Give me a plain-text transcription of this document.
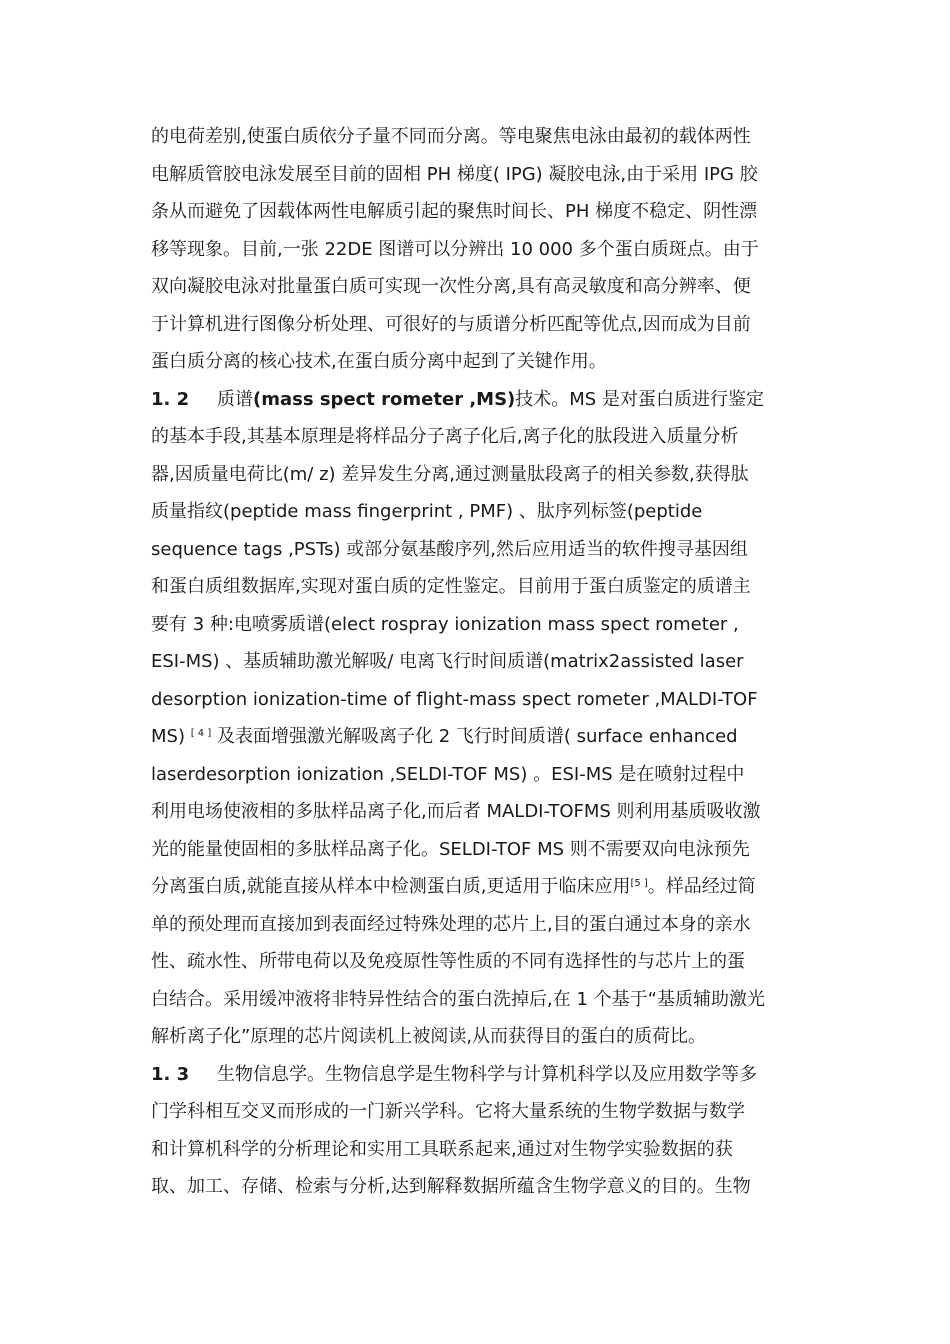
的电荷差别,使蛋白质依分子量不同而分离。等电聚焦电泳由最初的载体两性
电解质管胶电泳发展至目前的固相 PH 梯度( IPG) 凝胶电泳,由于采用 IPG 胶
条从而避免了因载体两性电解质引起的聚焦时间长、PH 梯度不稳定、阴性漂
移等现象。目前,一张 22DE 图谱可以分辨出 10 000 多个蛋白质斑点。由于
双向凝胶电泳对批量蛋白质可实现一次性分离,具有高灵敏度和高分辨率、便
于计算机进行图像分析处理、可很好的与质谱分析匹配等优点,因而成为目前
蛋白质分离的核心技术,在蛋白质分离中起到了关键作用。
1. 2 质谱(mass spect rometer ,MS)技术。MS 是对蛋白质进行鉴定
的基本手段,其基本原理是将样品分子离子化后,离子化的肽段进入质量分析
器,因质量电荷比(m/ z) 差异发生分离,通过测量肽段离子的相关参数,获得肽
质量指纹(peptide mass fingerprint , PMF) 、肽序列标签(peptide
sequence tags ,PSTs) 或部分氨基酸序列,然后应用适当的软件搜寻基因组
和蛋白质组数据库,实现对蛋白质的定性鉴定。目前用于蛋白质鉴定的质谱主
要有 3 种:电喷雾质谱(elect rospray ionization mass spect rometer ,
ESI-MS) 、基质辅助激光解吸/ 电离飞行时间质谱(matrix2assisted laser
desorption ionization-time of flight-mass spect rometer ,MALDI-TOF
MS) [ 4 ] 及表面增强激光解吸离子化 2 飞行时间质谱( surface enhanced
laserdesorption ionization ,SELDI-TOF MS) 。ESI-MS 是在喷射过程中
利用电场使液相的多肽样品离子化,而后者 MALDI-TOFMS 则利用基质吸收激
光的能量使固相的多肽样品离子化。SELDI-TOF MS 则不需要双向电泳预先
分离蛋白质,就能直接从样本中检测蛋白质,更适用于临床应用[5 ]。样品经过简
单的预处理而直接加到表面经过特殊处理的芯片上,目的蛋白通过本身的亲水
性、疏水性、所带电荷以及免疫原性等性质的不同有选择性的与芯片上的蛋
白结合。采用缓冲液将非特异性结合的蛋白洗掉后,在 1 个基于“基质辅助激光
解析离子化”原理的芯片阅读机上被阅读,从而获得目的蛋白的质荷比。
1. 3 生物信息学。生物信息学是生物科学与计算机科学以及应用数学等多
门学科相互交叉而形成的一门新兴学科。它将大量系统的生物学数据与数学
和计算机科学的分析理论和实用工具联系起来,通过对生物学实验数据的获
取、加工、存储、检索与分析,达到解释数据所蕴含生物学意义的目的。生物
